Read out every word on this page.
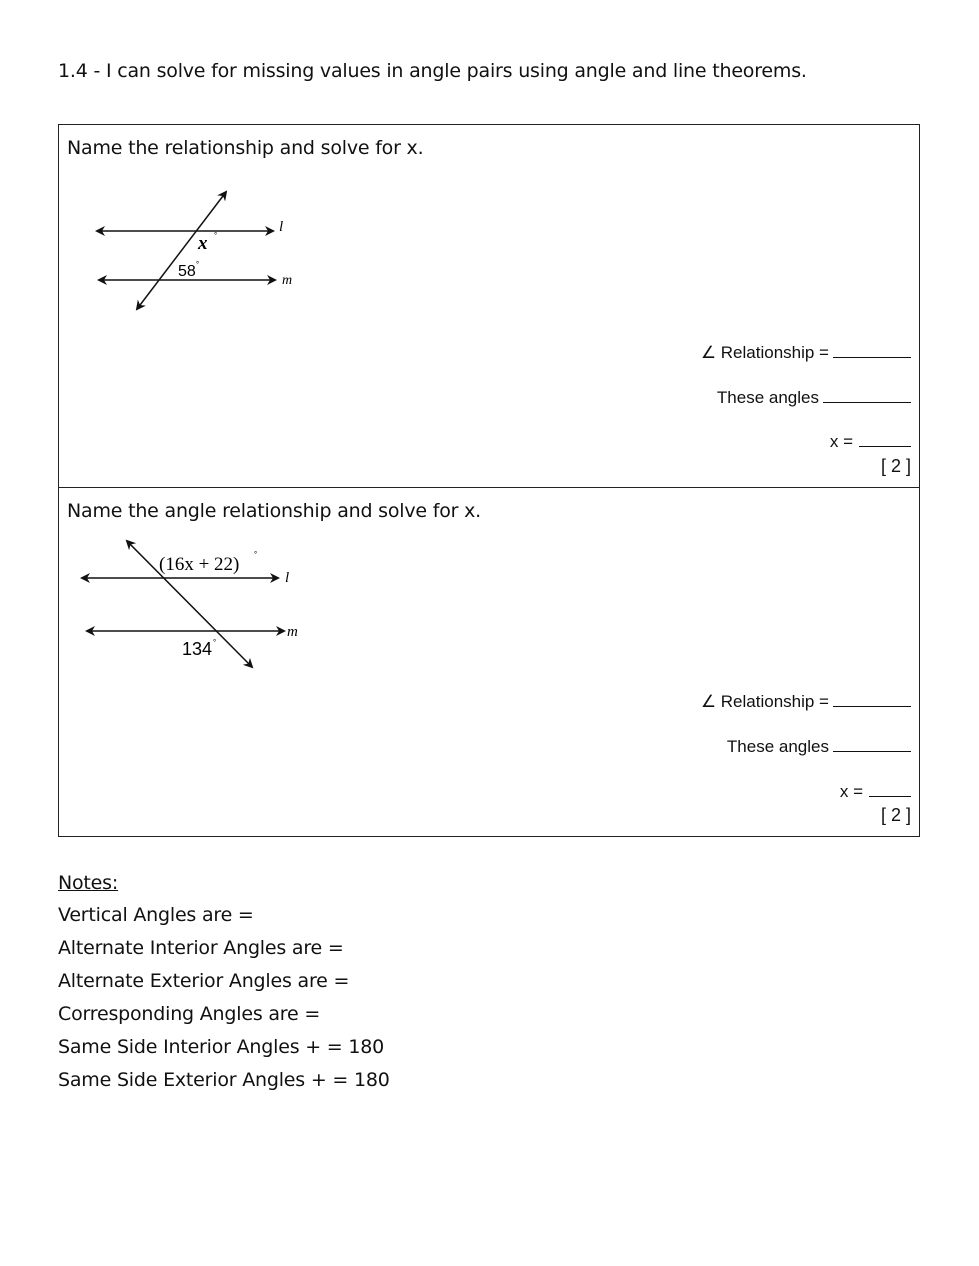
1.4 - I can solve for missing values in angle pairs using angle and line theorems.
Name the relationship and solve for x.
l
m
x °
58 °
∠ Relationship =
These angles
x =
[ 2 ]
Name the angle relationship and solve for x.
l
m
(16x + 22) °
134 °
∠ Relationship =
These angles
x =
[ 2 ]
Notes:
Vertical Angles are =
Alternate Interior Angles are =
Alternate Exterior Angles are =
Corresponding Angles are =
Same Side Interior Angles + = 180
Same Side Exterior Angles + = 180
